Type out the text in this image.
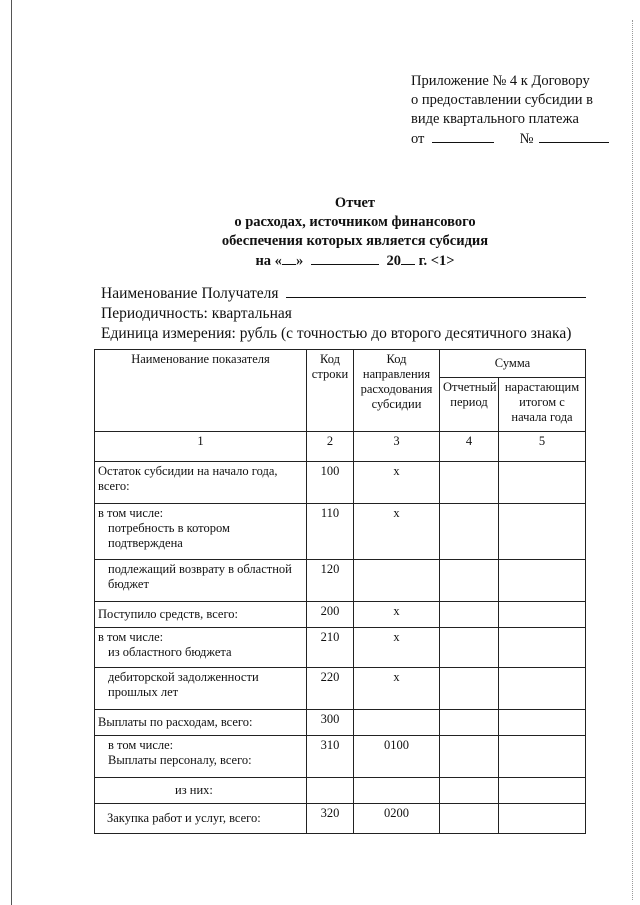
Приложение № 4 к Договору
о предоставлении субсидии в
виде квартального платежа
от	№
Отчет
о расходах, источником финансового
обеспечения которых является субсидия
на « »	20 г. <1>
Наименование Получателя
Периодичность: квартальная
Единица измерения: рубль (с точностью до второго десятичного знака)
Наименование показателя	Код строки	Код направления расходования субсидии	Сумма	
			Отчетный период	нарастающим итогом с начала года
1	2	3	4	5

Остаток субсидии на начало года,
всего:	100	х		

в том числе:
потребность в котором
подтверждена	110	х		

подлежащий возврату в областной
бюджет	120			
Поступило средств, всего:	200	х		

в том числе:
из областного бюджета	210	х		

дебиторской задолженности
прошлых лет	220	х		
Выплаты по расходам, всего:	300			

в том числе:
Выплаты персоналу, всего:	310	0100		
из них:				
Закупка работ и услуг, всего:	320	0200		
